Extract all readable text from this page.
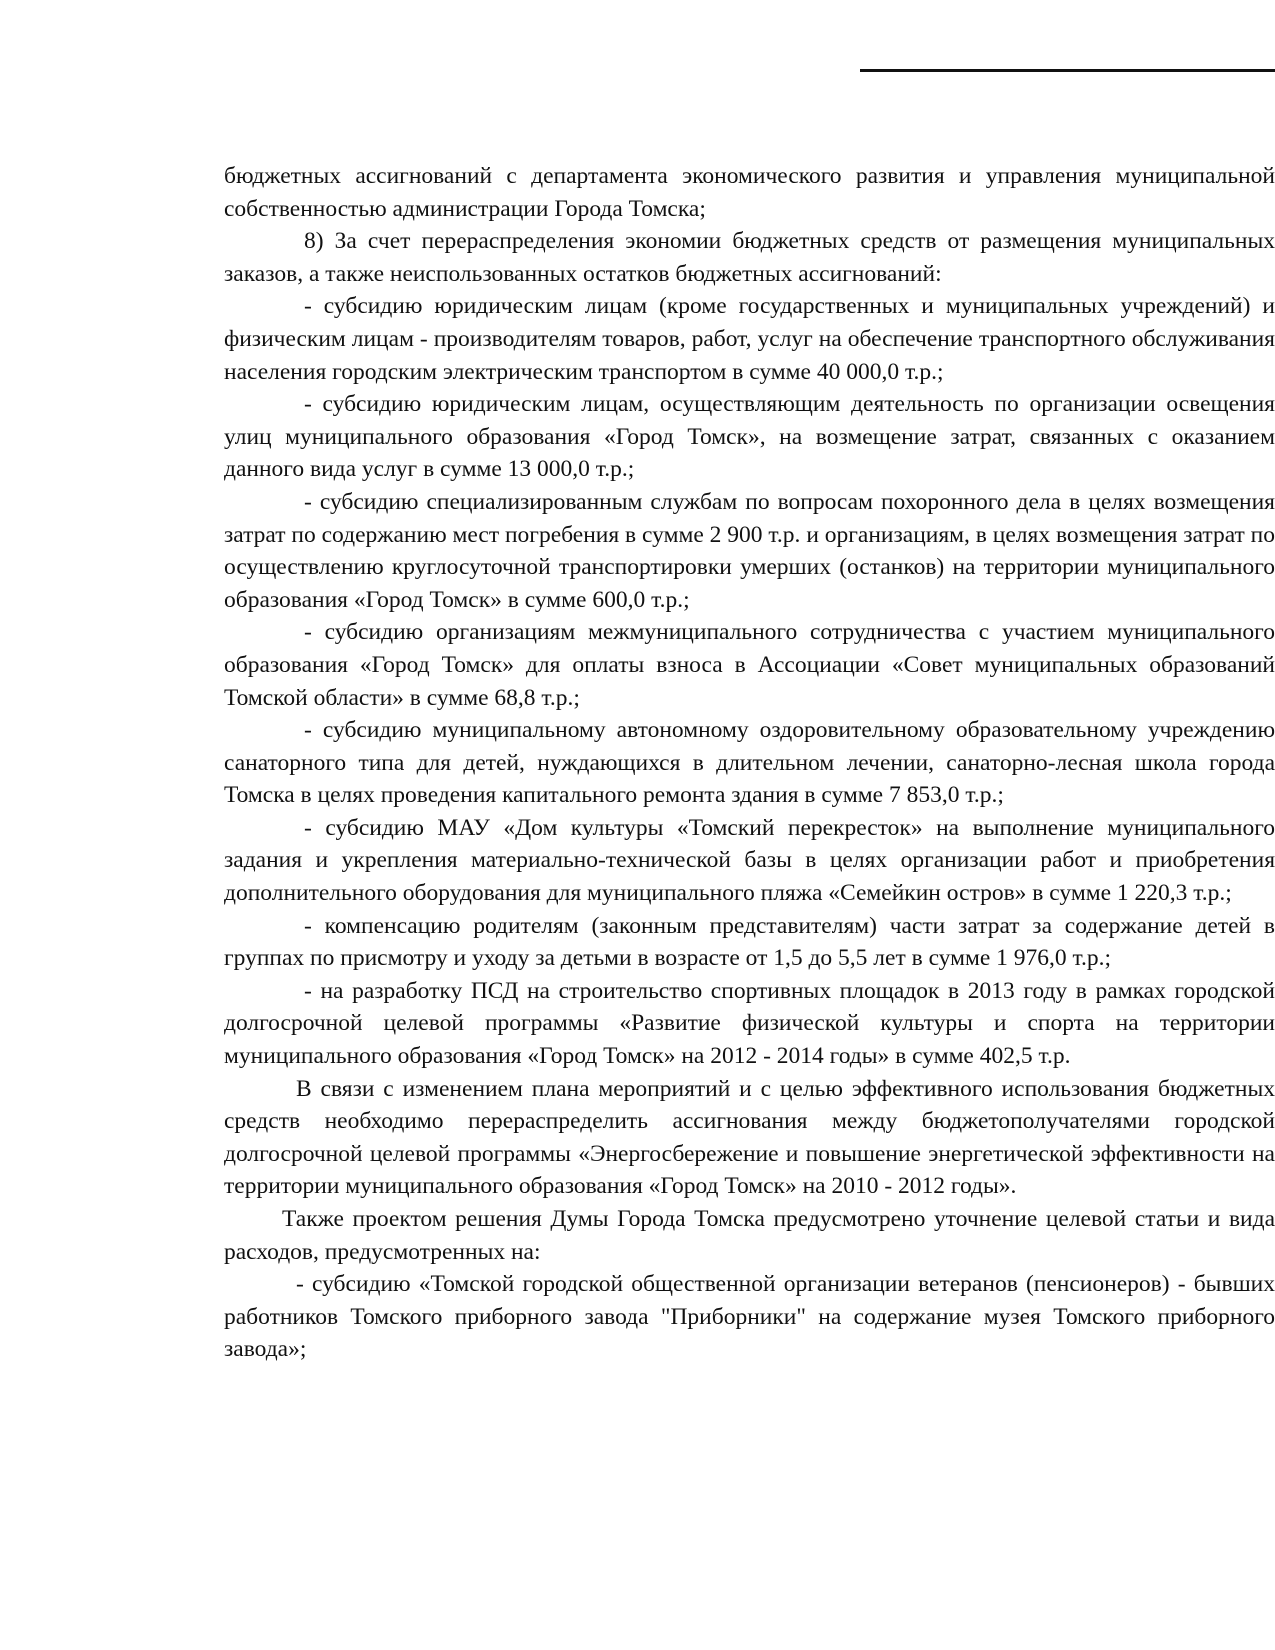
бюджетных ассигнований с департамента экономического развития и управления муниципальной собственностью администрации Города Томска;

8) За счет перераспределения экономии бюджетных средств от размещения муниципальных заказов, а также неиспользованных остатков бюджетных ассигнований:

- субсидию юридическим лицам (кроме государственных и муниципальных учреждений) и физическим лицам - производителям товаров, работ, услуг на обеспечение транспортного обслуживания населения городским электрическим транспортом в сумме 40 000,0 т.р.;

- субсидию юридическим лицам, осуществляющим деятельность по организации освещения улиц муниципального образования «Город Томск», на возмещение затрат, связанных с оказанием данного вида услуг в сумме 13 000,0 т.р.;

- субсидию специализированным службам по вопросам похоронного дела в целях возмещения затрат по содержанию мест погребения в сумме 2 900 т.р. и организациям, в целях возмещения затрат по осуществлению круглосуточной транспортировки умерших (останков) на территории муниципального образования «Город Томск» в сумме 600,0 т.р.;

- субсидию организациям межмуниципального сотрудничества с участием муниципального образования «Город Томск» для оплаты взноса в Ассоциации «Совет муниципальных образований Томской области» в сумме 68,8 т.р.;

- субсидию муниципальному автономному оздоровительному образовательному учреждению санаторного типа для детей, нуждающихся в длительном лечении, санаторно-лесная школа города Томска в целях проведения капитального ремонта здания в сумме 7 853,0 т.р.;

- субсидию МАУ «Дом культуры «Томский перекресток» на выполнение муниципального задания и укрепления материально-технической базы в целях организации работ и приобретения дополнительного оборудования для муниципального пляжа «Семейкин остров» в сумме 1 220,3 т.р.;

- компенсацию родителям (законным представителям) части затрат за содержание детей в группах по присмотру и уходу за детьми в возрасте от 1,5 до 5,5 лет в сумме 1 976,0 т.р.;

- на разработку ПСД на строительство спортивных площадок в 2013 году в рамках городской долгосрочной целевой программы «Развитие физической культуры и спорта на территории муниципального образования «Город Томск» на 2012 - 2014 годы» в сумме 402,5 т.р.

В связи с изменением плана мероприятий и с целью эффективного использования бюджетных средств необходимо перераспределить ассигнования между бюджетополучателями городской долгосрочной целевой программы «Энергосбережение и повышение энергетической эффективности на территории муниципального образования «Город Томск» на 2010 - 2012 годы».

Также проектом решения Думы Города Томска предусмотрено уточнение целевой статьи и вида расходов, предусмотренных на:

- субсидию «Томской городской общественной организации ветеранов (пенсионеров) - бывших работников Томского приборного завода "Приборники" на содержание музея Томского приборного завода»;
